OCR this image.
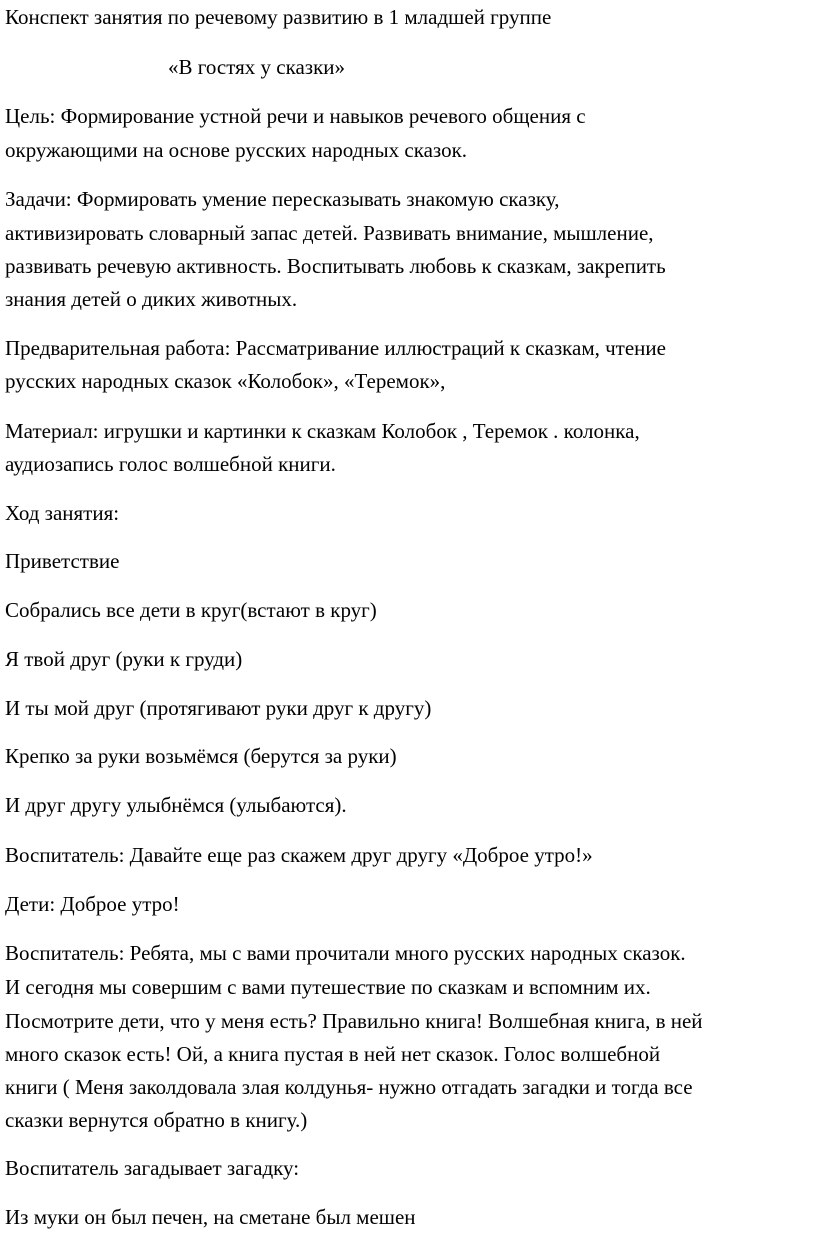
Конспект занятия по речевому развитию в 1 младшей группе

«В гостях у сказки»

Цель: Формирование устной речи и навыков речевого общения с

окружающими на основе русских народных сказок.

Задачи: Формировать умение пересказывать знакомую сказку,

активизировать словарный запас детей. Развивать внимание, мышление,

развивать речевую активность. Воспитывать любовь к сказкам, закрепить

знания детей о диких животных.

Предварительная работа: Рассматривание иллюстраций к сказкам, чтение

русских народных сказок «Колобок», «Теремок»,

Материал: игрушки и картинки к сказкам Колобок , Теремок . колонка,

аудиозапись голос волшебной книги.

Ход занятия:

Приветствие

Собрались все дети в круг(встают в круг)

Я твой друг (руки к груди)

И ты мой друг (протягивают руки друг к другу)

Крепко за руки возьмёмся (берутся за руки)

И друг другу улыбнёмся (улыбаются).

Воспитатель: Давайте еще раз скажем друг другу «Доброе утро!»

Дети: Доброе утро!

Воспитатель: Ребята, мы с вами прочитали много русских народных сказок.

И сегодня мы совершим с вами путешествие по сказкам и вспомним их.

Посмотрите дети, что у меня есть? Правильно книга! Волшебная книга, в ней

много сказок есть! Ой, а книга пустая в ней нет сказок. Голос волшебной

книги ( Меня заколдовала злая колдунья- нужно отгадать загадки и тогда все

сказки вернутся обратно в книгу.)

Воспитатель загадывает загадку:

Из муки он был печен, на сметане был мешен
